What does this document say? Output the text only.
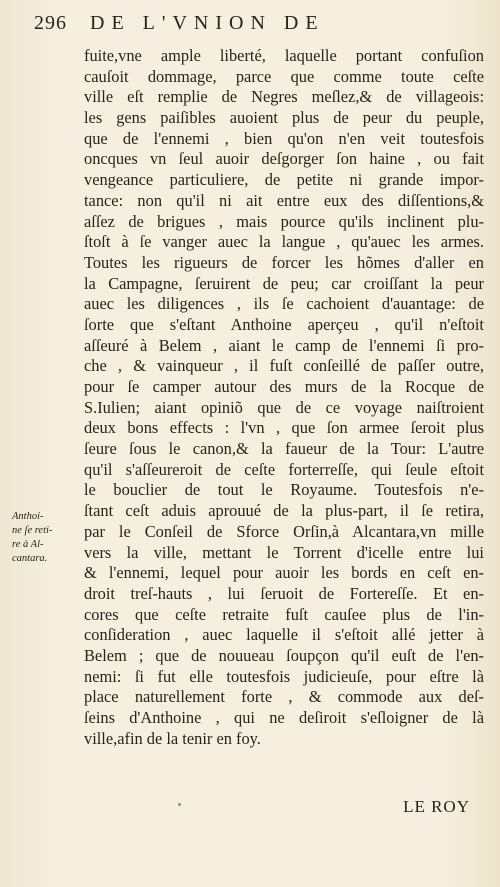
296 DE L'VNION DE
fuite,vne ample liberté, laquelle portant confuſion
cauſoit dommage, parce que comme toute ceſte
ville eſt remplie de Negres meſlez,& de villageois:
les gens paiſibles auoient plus de peur du peuple,
que de l'ennemi , bien qu'on n'en veit toutesfois
oncques vn ſeul auoir deſgorger ſon haine , ou fait
vengeance particuliere, de petite ni grande impor-
tance: non qu'il ni ait entre eux des diſſentions,&
aſſez de brigues , mais pource qu'ils inclinent plu-
ſtoſt à ſe vanger auec la langue , qu'auec les armes.
Toutes les rigueurs de forcer les hõmes d'aller en
la Campagne, ſeruirent de peu; car croiſſant la peur
auec les diligences , ils ſe cachoient d'auantage: de
ſorte que s'eſtant Anthoine aperçeu , qu'il n'eſtoit
aſſeuré à Belem , aiant le camp de l'ennemi ſi pro-
che , & vainqueur , il fuſt conſeillé de paſſer outre,
pour ſe camper autour des murs de la Rocque de
S.Iulien; aiant opiniõ que de ce voyage naiſtroient
deux bons effects : l'vn , que ſon armee ſeroit plus
ſeure ſous le canon,& la faueur de la Tour: L'autre
qu'il s'aſſeureroit de ceſte forterreſſe, qui ſeule eſtoit
le bouclier de tout le Royaume. Toutesfois n'e-
ſtant ceſt aduis aprouué de la plus-part, il ſe retira,
par le Conſeil de Sforce Orſin,à Alcantara,vn mille
vers la ville, mettant le Torrent d'icelle entre lui
& l'ennemi, lequel pour auoir les bords en ceſt en-
droit treſ-hauts , lui ſeruoit de Fortereſſe. Et en-
cores que ceſte retraite fuſt cauſee plus de l'in-
conſideration , auec laquelle il s'eſtoit allé jetter à
Belem ; que de nouueau ſoupçon qu'il euſt de l'en-
nemi: ſi fut elle toutesfois judicieuſe, pour eſtre là
place naturellement forte , & commode aux deſ-
ſeins d'Anthoine , qui ne deſiroit s'eſloigner de là
ville,afin de la tenir en foy.
Anthoi-
ne ſe reti-
re à Al-
cantara.
LE ROY
